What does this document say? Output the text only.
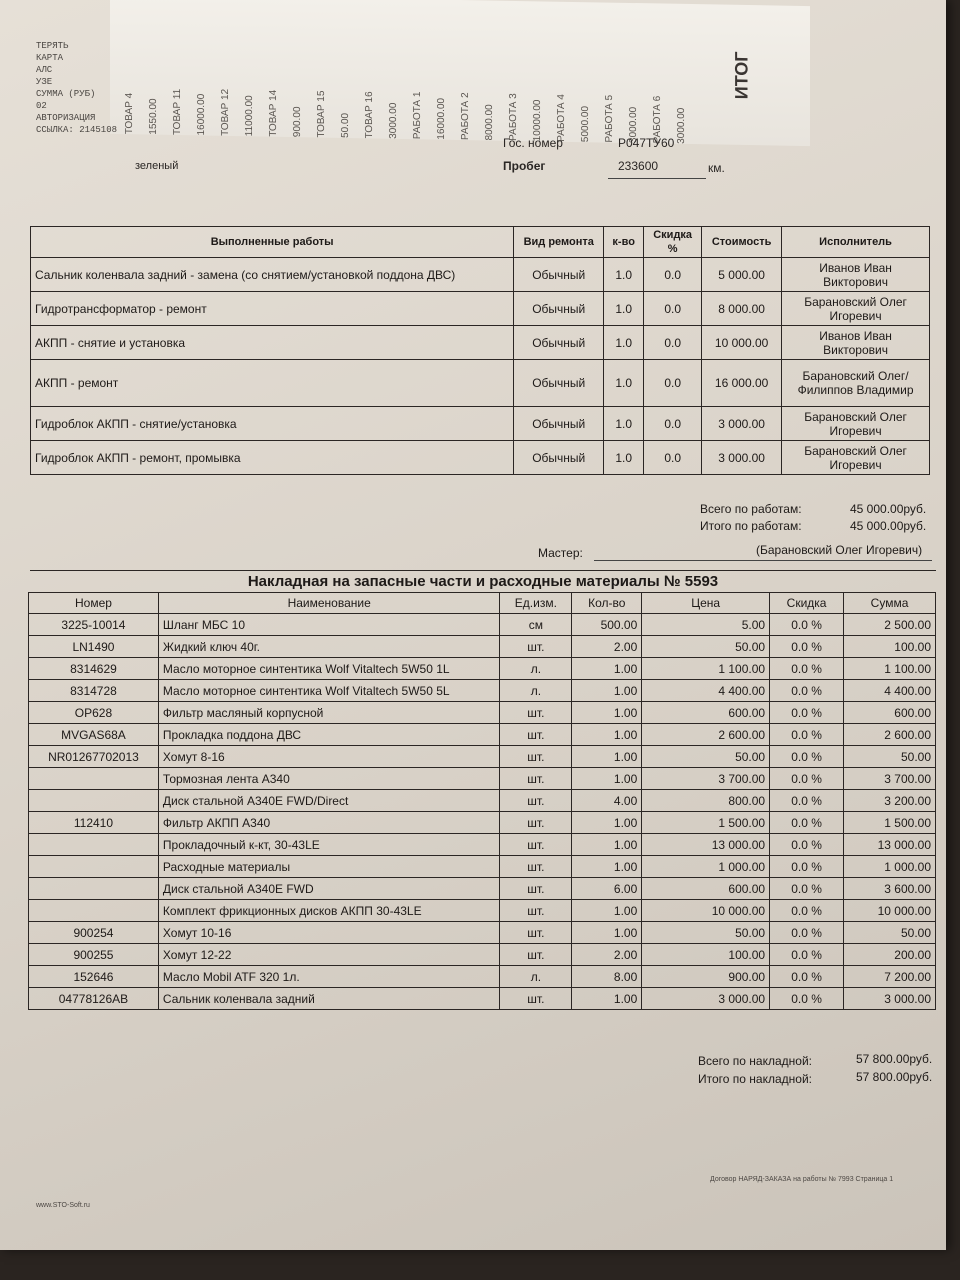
ТОВАР 4	1550.00	ТОВАР 11	16000.00	ТОВАР 12	11000.00	ТОВАР 14	900.00	ТОВАР 15	50.00	ТОВАР 16	3000.00	РАБОТА 1	16000.00	РАБОТА 2	8000.00	РАБОТА 3	10000.00	РАБОТА 4	5000.00	РАБОТА 5	3000.00	РАБОТА 6	3000.00
ИТОГ
ТЕРЯТЬ
КАРТА
АЛС
УЗЕ
СУММА (РУБ)
02
АВТОРИЗАЦИЯ
ССЫЛКА: 2145108
Гос. номер	Р047ТУ60
Пробег	233600	км.
зеленый
Выполненные работы	Вид ремонта	к-во	Скидка %	Стоимость	Исполнитель
Сальник коленвала задний - замена (со снятием/установкой поддона ДВС)	Обычный	1.0	0.0	5 000.00	Иванов Иван Викторович
Гидротрансформатор - ремонт	Обычный	1.0	0.0	8 000.00	Барановский Олег Игоревич
АКПП - снятие и установка	Обычный	1.0	0.0	10 000.00	Иванов Иван Викторович
АКПП - ремонт	Обычный	1.0	0.0	16 000.00	Барановский Олег/Филиппов Владимир
Гидроблок АКПП - снятие/установка	Обычный	1.0	0.0	3 000.00	Барановский Олег Игоревич
Гидроблок АКПП - ремонт, промывка	Обычный	1.0	0.0	3 000.00	Барановский Олег Игоревич
Всего по работам:	45 000.00руб.
Итого по работам:	45 000.00руб.
Мастер:	(Барановский Олег Игоревич)
Накладная на запасные части и расходные материалы № 5593
Номер	Наименование	Ед.изм.	Кол-во	Цена	Скидка	Сумма
3225-10014	Шланг МБС 10	см	500.00	5.00	0.0 %	2 500.00
LN1490	Жидкий ключ 40г.	шт.	2.00	50.00	0.0 %	100.00
8314629	Масло моторное синтентика Wolf Vitaltech 5W50 1L	л.	1.00	1 100.00	0.0 %	1 100.00
8314728	Масло моторное синтентика Wolf Vitaltech 5W50 5L	л.	1.00	4 400.00	0.0 %	4 400.00
OP628	Фильтр масляный корпусной	шт.	1.00	600.00	0.0 %	600.00
MVGAS68A	Прокладка поддона ДВС	шт.	1.00	2 600.00	0.0 %	2 600.00
NR01267702013	Хомут 8-16	шт.	1.00	50.00	0.0 %	50.00
	Тормозная лента А340	шт.	1.00	3 700.00	0.0 %	3 700.00
	Диск стальной А340E FWD/Direct	шт.	4.00	800.00	0.0 %	3 200.00
112410	Фильтр АКПП А340	шт.	1.00	1 500.00	0.0 %	1 500.00
	Прокладочный к-кт, 30-43LE	шт.	1.00	13 000.00	0.0 %	13 000.00
	Расходные материалы	шт.	1.00	1 000.00	0.0 %	1 000.00
	Диск стальной А340E FWD	шт.	6.00	600.00	0.0 %	3 600.00
	Комплект фрикционных дисков АКПП 30-43LE	шт.	1.00	10 000.00	0.0 %	10 000.00
900254	Хомут 10-16	шт.	1.00	50.00	0.0 %	50.00
900255	Хомут 12-22	шт.	2.00	100.00	0.0 %	200.00
152646	Масло Mobil ATF 320 1л.	л.	8.00	900.00	0.0 %	7 200.00
04778126AB	Сальник коленвала задний	шт.	1.00	3 000.00	0.0 %	3 000.00
Всего по накладной:	57 800.00руб.
Итого по накладной:	57 800.00руб.
www.STO-Soft.ru
Договор НАРЯД-ЗАКАЗА на работы № 7993 Страница 1
